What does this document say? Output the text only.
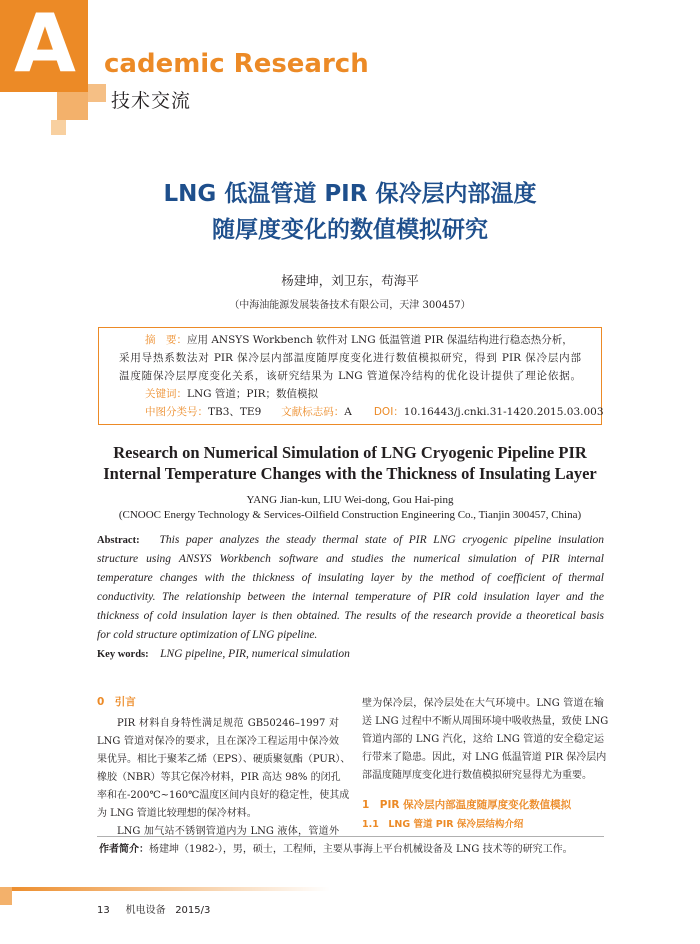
A cademic Research
技术交流
LNG 低温管道 PIR 保冷层内部温度
随厚度变化的数值模拟研究
杨建坤，刘卫东，苟海平
（中海油能源发展装备技术有限公司，天津 300457）
摘　要：应用 ANSYS Workbench 软件对 LNG 低温管道 PIR 保温结构进行稳态热分析，
采用导热系数法对 PIR 保冷层内部温度随厚度变化进行数值模拟研究，得到 PIR 保冷层内部
温度随保冷层厚度变化关系，该研究结果为 LNG 管道保冷结构的优化设计提供了理论依据。
关键词：LNG 管道；PIR；数值模拟
中图分类号：TB3、TE9 文献标志码：A DOI：10.16443/j.cnki.31-1420.2015.03.003
Research on Numerical Simulation of LNG Cryogenic Pipeline PIR
Internal Temperature Changes with the Thickness of Insulating Layer
YANG Jian-kun, LIU Wei-dong, Gou Hai-ping
(CNOOC Energy Technology & Services-Oilfield Construction Engineering Co., Tianjin 300457, China)
Abstract: This paper analyzes the steady thermal state of PIR LNG cryogenic pipeline insulation
structure using ANSYS Workbench software and studies the numerical simulation of PIR internal
temperature changes with the thickness of insulating layer by the method of coefficient of thermal
conductivity. The relationship between the internal temperature of PIR cold insulation layer and the
thickness of cold insulation layer is then obtained. The results of the research provide a theoretical basis
for cold structure optimization of LNG pipeline.
Key words: LNG pipeline, PIR, numerical simulation
0　引言
PIR 材料自身特性满足规范 GB50246–1997 对
LNG 管道对保冷的要求，且在深冷工程运用中保冷效
果优异。相比于聚苯乙烯（EPS）、硬质聚氨酯（PUR）、
橡胶（NBR）等其它保冷材料，PIR 高达 98% 的闭孔
率和在-200℃~160℃温度区间内良好的稳定性，使其成
为 LNG 管道比较理想的保冷材料。
LNG 加气站不锈钢管道内为 LNG 液体，管道外
壁为保冷层，保冷层处在大气环境中。LNG 管道在输
送 LNG 过程中不断从周围环境中吸收热量，致使 LNG
管道内部的 LNG 汽化，这给 LNG 管道的安全稳定运
行带来了隐患。因此，对 LNG 低温管道 PIR 保冷层内
部温度随厚度变化进行数值模拟研究显得尤为重要。
1　PIR 保冷层内部温度随厚度变化数值模拟
1.1　LNG 管道 PIR 保冷层结构介绍
作者简介：杨建坤（1982-），男，硕士，工程师，主要从事海上平台机械设备及 LNG 技术等的研究工作。
13 机电设备 2015/3
